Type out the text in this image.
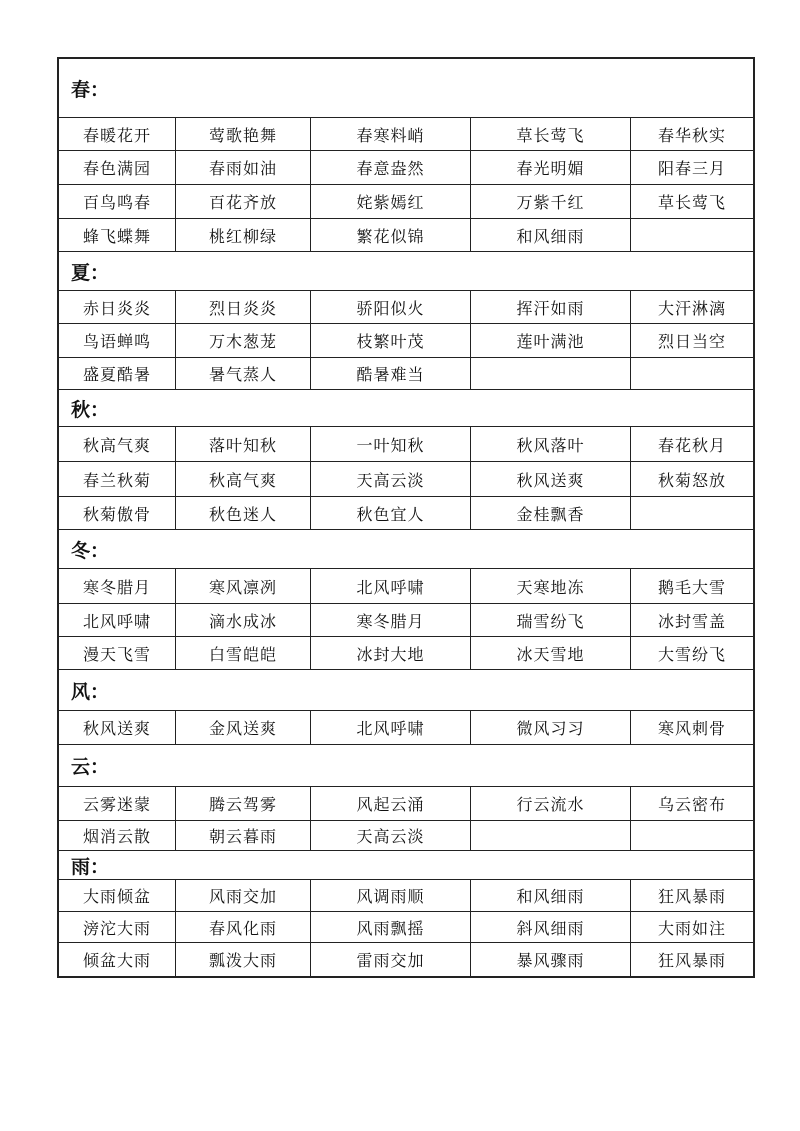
春：
春暖花开	莺歌艳舞	春寒料峭	草长莺飞	春华秋实
春色满园	春雨如油	春意盎然	春光明媚	阳春三月
百鸟鸣春	百花齐放	姹紫嫣红	万紫千红	草长莺飞
蜂飞蝶舞	桃红柳绿	繁花似锦	和风细雨
夏：
赤日炎炎	烈日炎炎	骄阳似火	挥汗如雨	大汗淋漓
鸟语蝉鸣	万木葱茏	枝繁叶茂	莲叶满池	烈日当空
盛夏酷暑	暑气蒸人	酷暑难当
秋：
秋高气爽	落叶知秋	一叶知秋	秋风落叶	春花秋月
春兰秋菊	秋高气爽	天高云淡	秋风送爽	秋菊怒放
秋菊傲骨	秋色迷人	秋色宜人	金桂飘香
冬：
寒冬腊月	寒风凛冽	北风呼啸	天寒地冻	鹅毛大雪
北风呼啸	滴水成冰	寒冬腊月	瑞雪纷飞	冰封雪盖
漫天飞雪	白雪皑皑	冰封大地	冰天雪地	大雪纷飞
风：
秋风送爽	金风送爽	北风呼啸	微风习习	寒风刺骨
云：
云雾迷蒙	腾云驾雾	风起云涌	行云流水	乌云密布
烟消云散	朝云暮雨	天高云淡
雨：
大雨倾盆	风雨交加	风调雨顺	和风细雨	狂风暴雨
滂沱大雨	春风化雨	风雨飘摇	斜风细雨	大雨如注
倾盆大雨	瓢泼大雨	雷雨交加	暴风骤雨	狂风暴雨
